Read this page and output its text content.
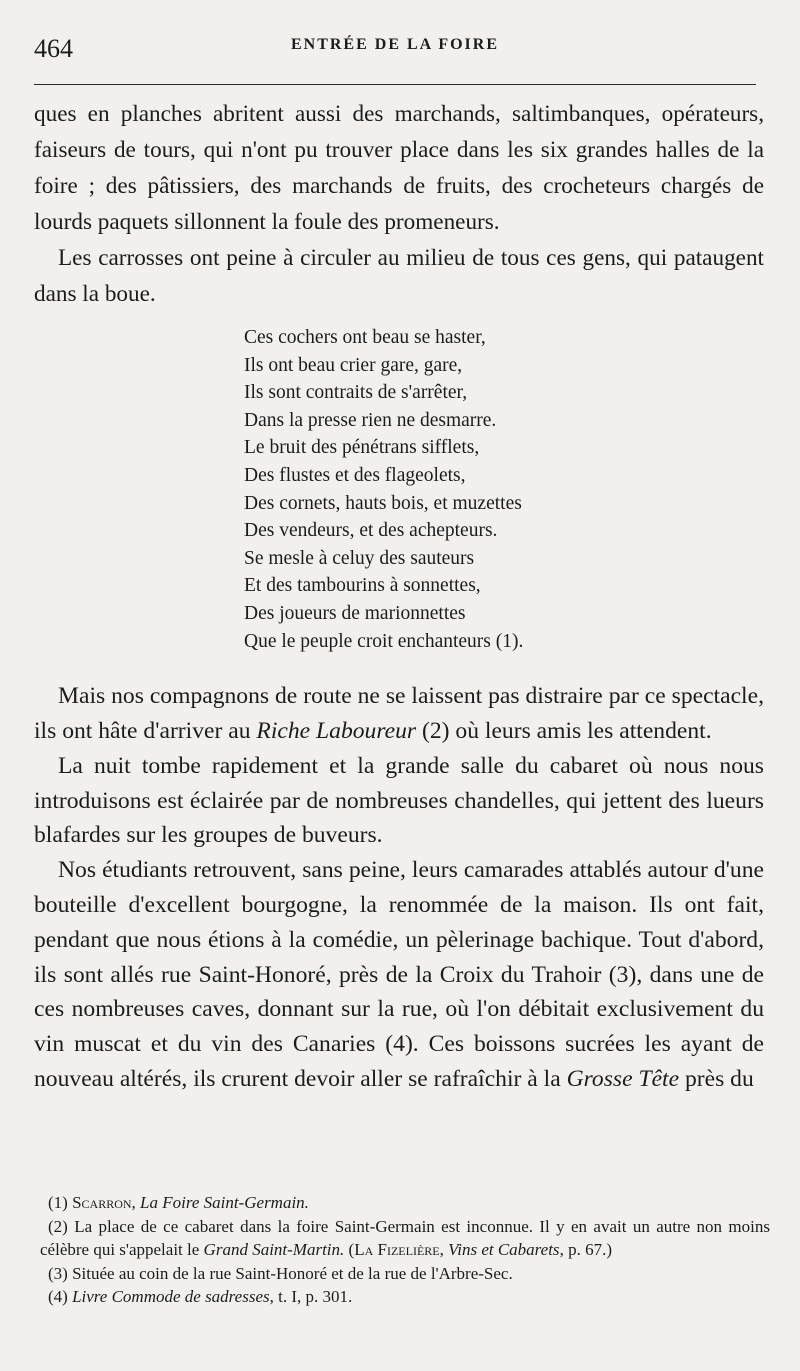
464	ENTRÉE DE LA FOIRE

ques en planches abritent aussi des marchands, saltimbanques, opérateurs, faiseurs de tours, qui n'ont pu trouver place dans les six grandes halles de la foire ; des pâtissiers, des marchands de fruits, des crocheteurs chargés de lourds paquets sillonnent la foule des promeneurs.

Les carrosses ont peine à circuler au milieu de tous ces gens, qui pataugent dans la boue.

Ces cochers ont beau se haster,
Ils ont beau crier gare, gare,
Ils sont contraits de s'arrêter,
Dans la presse rien ne desmarre.
Le bruit des pénétrans sifflets,
Des flustes et des flageolets,
Des cornets, hauts bois, et muzettes
Des vendeurs, et des achepteurs.
Se mesle à celuy des sauteurs
Et des tambourins à sonnettes,
Des joueurs de marionnettes
Que le peuple croit enchanteurs (1).

Mais nos compagnons de route ne se laissent pas distraire par ce spectacle, ils ont hâte d'arriver au Riche Laboureur (2) où leurs amis les attendent.

La nuit tombe rapidement et la grande salle du cabaret où nous nous introduisons est éclairée par de nombreuses chandelles, qui jettent des lueurs blafardes sur les groupes de buveurs.

Nos étudiants retrouvent, sans peine, leurs camarades attablés autour d'une bouteille d'excellent bourgogne, la renommée de la maison. Ils ont fait, pendant que nous étions à la comédie, un pèlerinage bachique. Tout d'abord, ils sont allés rue Saint-Honoré, près de la Croix du Trahoir (3), dans une de ces nombreuses caves, donnant sur la rue, où l'on débitait exclusivement du vin muscat et du vin des Canaries (4). Ces boissons sucrées les ayant de nouveau altérés, ils crurent devoir aller se rafraîchir à la Grosse Tête près du

(1) Scarron, La Foire Saint-Germain.
(2) La place de ce cabaret dans la foire Saint-Germain est inconnue. Il y en avait un autre non moins célèbre qui s'appelait le Grand Saint-Martin. (La Fizelière, Vins et Cabarets, p. 67.)
(3) Située au coin de la rue Saint-Honoré et de la rue de l'Arbre-Sec.
(4) Livre Commode de sadresses, t. I, p. 301.
